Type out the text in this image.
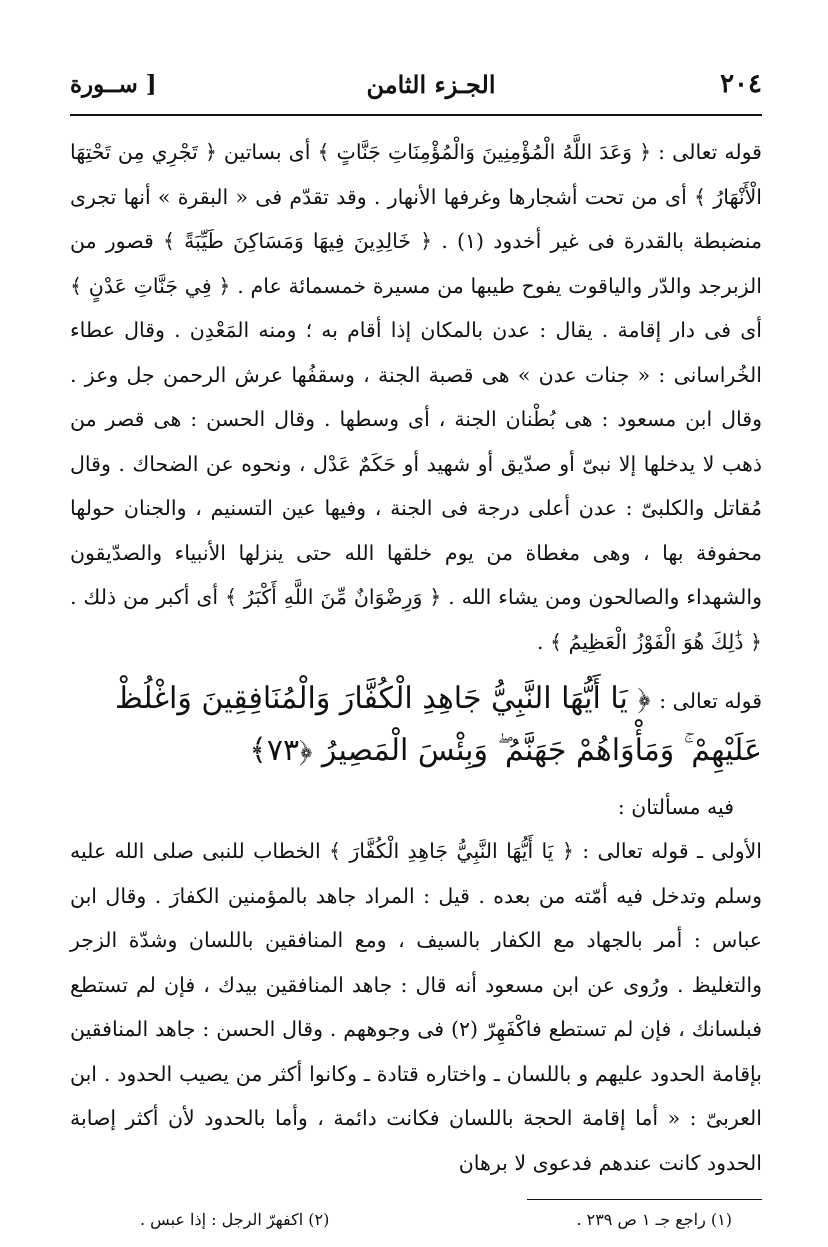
٢٠٤
الجـزء الثامن
[ ســورة

قوله تعالى : ﴿ وَعَدَ اللَّهُ الْمُؤْمِنِينَ وَالْمُؤْمِنَاتِ جَنَّاتٍ ﴾ أى بساتين ﴿ تَجْرِي مِن تَحْتِهَا الْأَنْهَارُ ﴾ أى من تحت أشجارها وغرفها الأنهار . وقد تقدّم فى « البقرة » أنها تجرى منضبطة بالقدرة فى غير أخدود (١) . ﴿ خَالِدِينَ فِيهَا وَمَسَاكِنَ طَيِّبَةً ﴾ قصور من الزبرجد والدّر والياقوت يفوح طيبها من مسيرة خمسمائة عام . ﴿ فِي جَنَّاتِ عَدْنٍ ﴾ أى فى دار إقامة . يقال : عدن بالمكان إذا أقام به ؛ ومنه المَعْدِن . وقال عطاء الخُراسانى : « جنات عدن » هى قصبة الجنة ، وسقفُها عرش الرحمن جل وعز . وقال ابن مسعود : هى بُطْنان الجنة ، أى وسطها . وقال الحسن : هى قصر من ذهب لا يدخلها إلا نبىّ أو صدّيق أو شهيد أو حَكَمٌ عَدْل ، ونحوه عن الضحاك . وقال مُقاتل والكلبىّ : عدن أعلى درجة فى الجنة ، وفيها عين التسنيم ، والجنان حولها محفوفة بها ، وهى مغطاة من يوم خلقها الله حتى ينزلها الأنبياء والصدّيقون والشهداء والصالحون ومن يشاء الله . ﴿ وَرِضْوَانٌ مِّنَ اللَّهِ أَكْبَرُ ﴾ أى أكبر من ذلك . ﴿ ذَٰلِكَ هُوَ الْفَوْزُ الْعَظِيمُ ﴾ .

قوله تعالى : ﴿ يَا أَيُّهَا النَّبِيُّ جَاهِدِ الْكُفَّارَ وَالْمُنَافِقِينَ وَاغْلُظْ عَلَيْهِمْ ۚ وَمَأْوَاهُمْ جَهَنَّمُ ۖ وَبِئْسَ الْمَصِيرُ ﴿٧٣﴾
فيه مسألتان :

الأولى ـ قوله تعالى : ﴿ يَا أَيُّهَا النَّبِيُّ جَاهِدِ الْكُفَّارَ ﴾ الخطاب للنبى صلى الله عليه وسلم وتدخل فيه أمّته من بعده . قيل : المراد جاهد بالمؤمنين الكفارَ . وقال ابن عباس : أمر بالجهاد مع الكفار بالسيف ، ومع المنافقين باللسان وشدّة الزجر والتغليظ . ورُوى عن ابن مسعود أنه قال : جاهد المنافقين بيدك ، فإن لم تستطع فبلسانك ، فإن لم تستطع فاكْفَهِرّ (٢) فى وجوههم . وقال الحسن : جاهد المنافقين بإقامة الحدود عليهم و باللسان ـ واختاره قتادة ـ وكانوا أكثر من يصيب الحدود . ابن العربىّ : « أما إقامة الحجة باللسان فكانت دائمة ، وأما بالحدود لأن أكثر إصابة الحدود كانت عندهم فدعوى لا برهان

(١) راجع جـ ١ ص ٢٣٩ .
(٢) اكفهرّ الرجل : إذا عبس .
